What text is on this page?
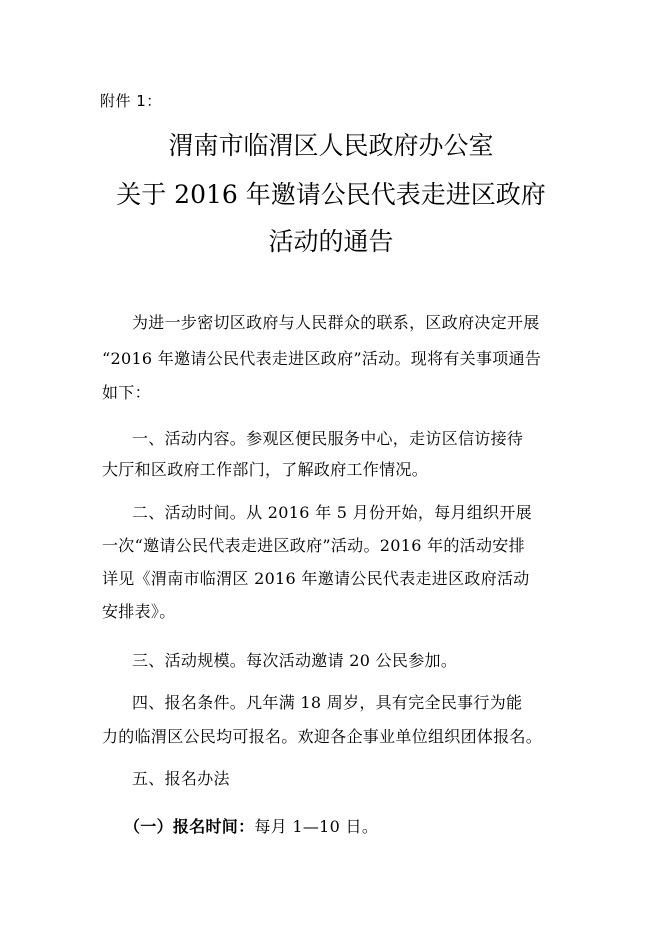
附件 1：
渭南市临渭区人民政府办公室
关于 2016 年邀请公民代表走进区政府
活动的通告
为进一步密切区政府与人民群众的联系，区政府决定开展
“2016 年邀请公民代表走进区政府”活动。现将有关事项通告
如下：
一、活动内容。参观区便民服务中心，走访区信访接待
大厅和区政府工作部门，了解政府工作情况。
二、活动时间。从 2016 年 5 月份开始，每月组织开展
一次“邀请公民代表走进区政府”活动。2016 年的活动安排
详见《渭南市临渭区 2016 年邀请公民代表走进区政府活动
安排表》。
三、活动规模。每次活动邀请 20 公民参加。
四、报名条件。凡年满 18 周岁，具有完全民事行为能
力的临渭区公民均可报名。欢迎各企事业单位组织团体报名。
五、报名办法
（一）报名时间：每月 1—10 日。
